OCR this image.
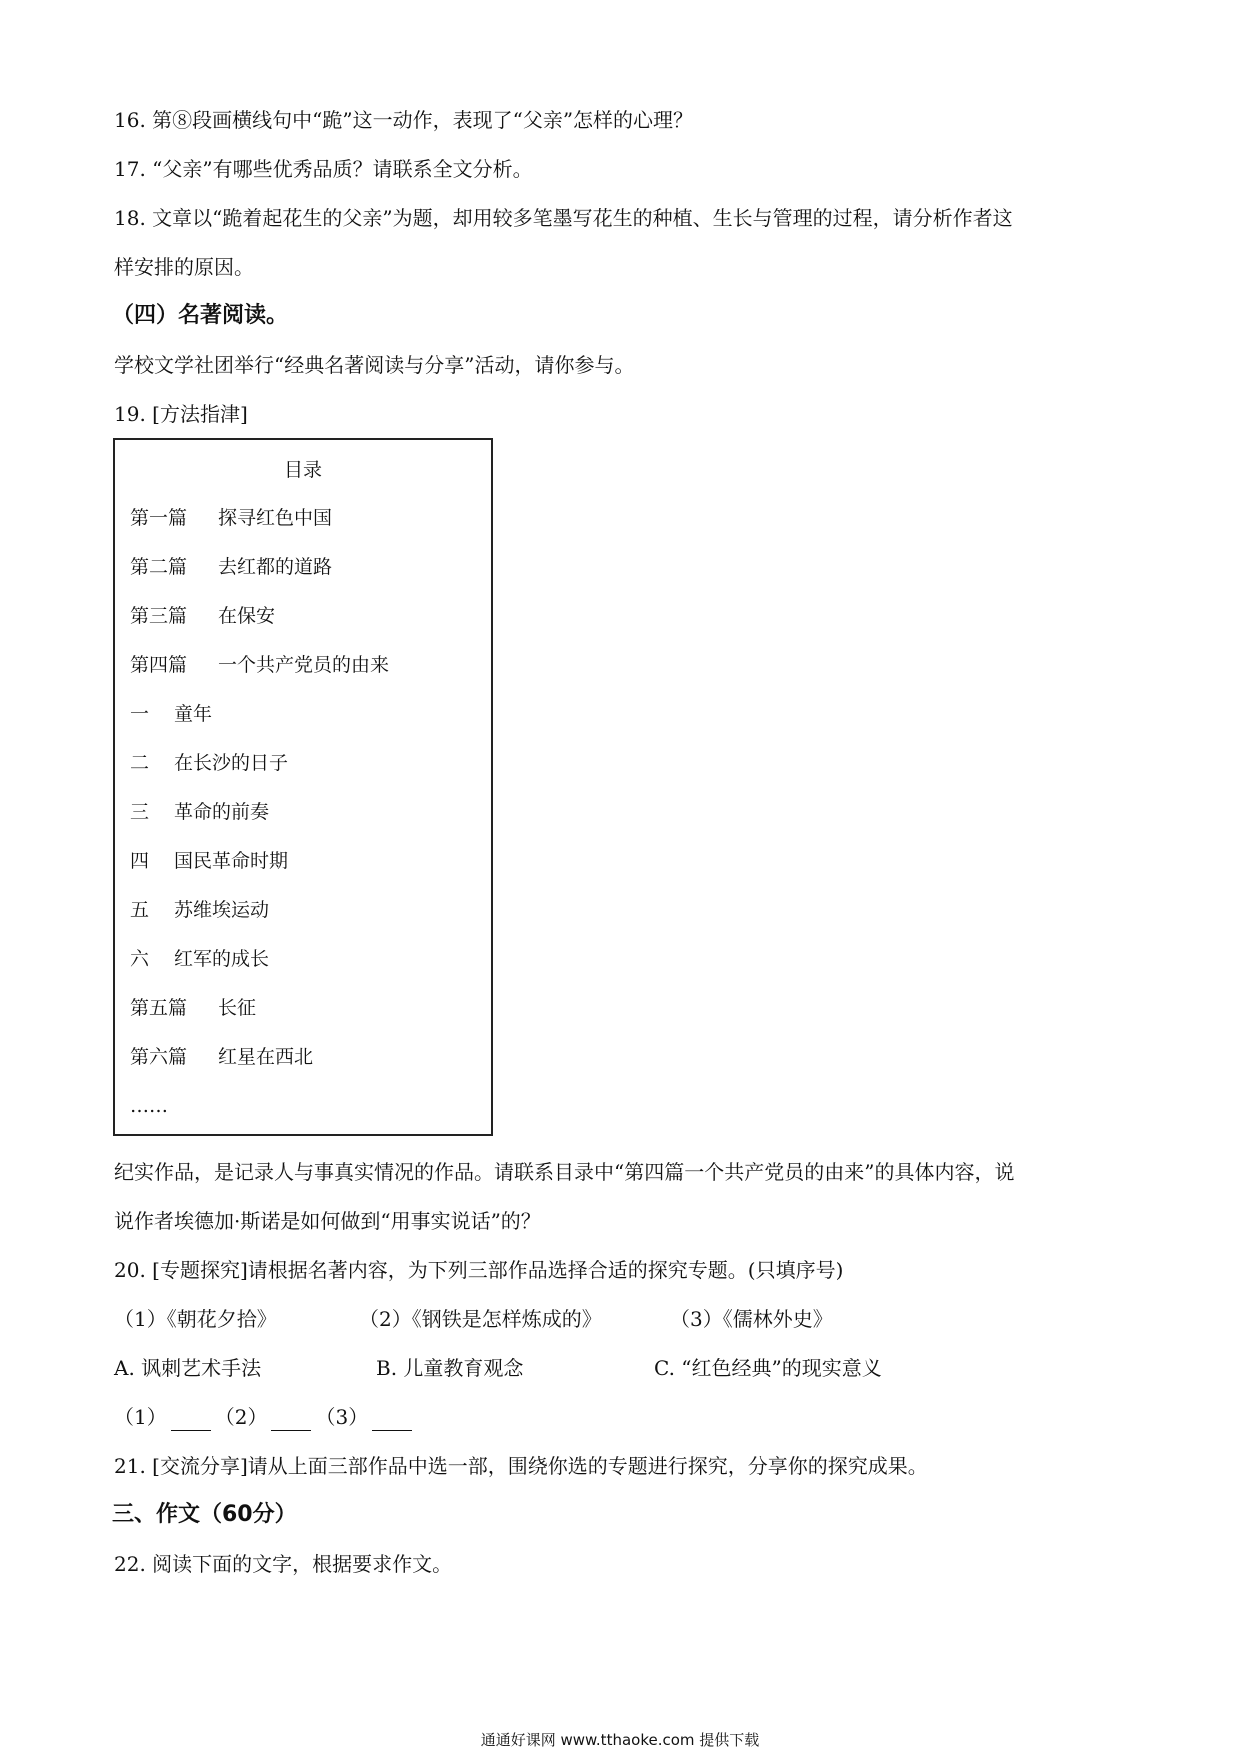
16. 第⑧段画横线句中“跪”这一动作，表现了“父亲”怎样的心理？
17. “父亲”有哪些优秀品质？请联系全文分析。
18. 文章以“跪着起花生的父亲”为题，却用较多笔墨写花生的种植、生长与管理的过程，请分析作者这
样安排的原因。
（四）名著阅读。
学校文学社团举行“经典名著阅读与分享”活动，请你参与。
19. [方法指津]
目录
第一篇 探寻红色中国
第二篇 去红都的道路
第三篇 在保安
第四篇 一个共产党员的由来
一 童年
二 在长沙的日子
三 革命的前奏
四 国民革命时期
五 苏维埃运动
六 红军的成长
第五篇 长征
第六篇 红星在西北
……
纪实作品，是记录人与事真实情况的作品。请联系目录中“第四篇一个共产党员的由来”的具体内容，说
说作者埃德加·斯诺是如何做到“用事实说话”的？
20. [专题探究]请根据名著内容，为下列三部作品选择合适的探究专题。(只填序号)
（1）《朝花夕拾》	（2）《钢铁是怎样炼成的》	（3）《儒林外史》
A. 讽刺艺术手法	B. 儿童教育观念	C. “红色经典”的现实意义
（1） （2） （3）
21. [交流分享]请从上面三部作品中选一部，围绕你选的专题进行探究，分享你的探究成果。
三、作文（60分）
22. 阅读下面的文字，根据要求作文。
通通好课网 www.tthaoke.com 提供下载
